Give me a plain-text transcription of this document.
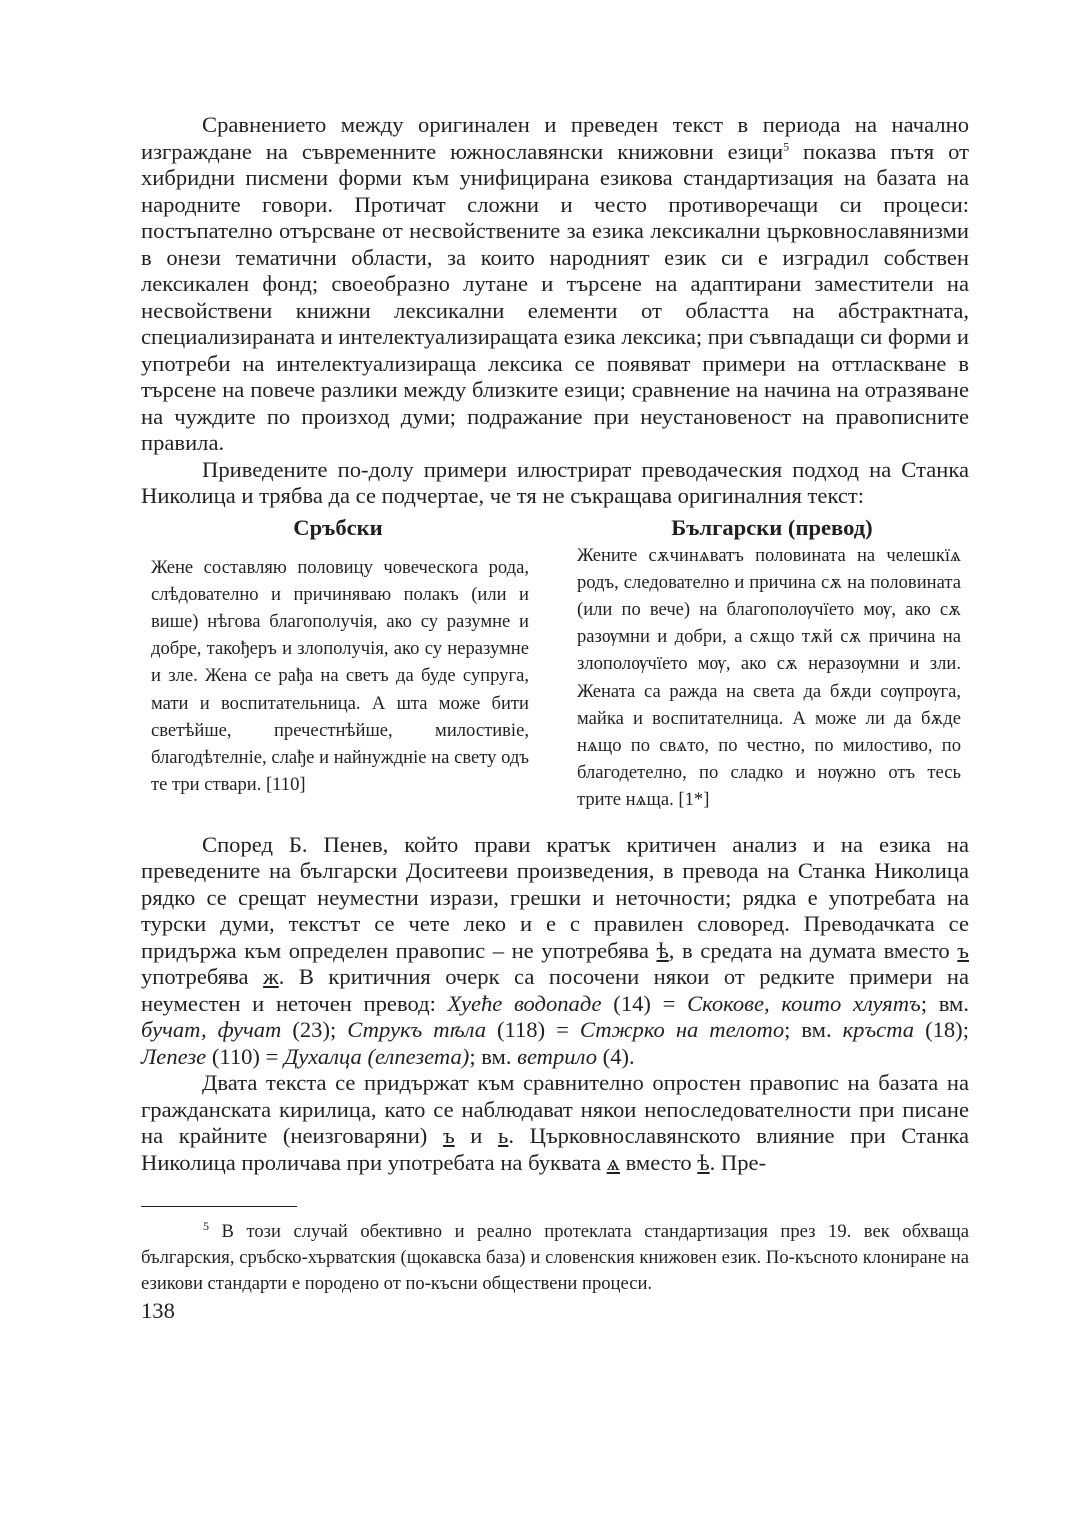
Сравнението между оригинален и преведен текст в периода на начално изграждане на съвременните южнославянски книжовни езици$^5$ показва пътя от хибридни писмени форми към унифицирана езикова стандартизация на базата на народните говори. Протичат сложни и често противоречащи си процеси: постъпателно отърсване от несвойствените за езика лексикални църковнославянизми в онези тематични области, за които народният език си е изградил собствен лексикален фонд; своеобразно лутане и търсене на адаптирани заместители на несвойствени книжни лексикални елементи от областта на абстрактната, специализираната и интелектуализиращата езика лексика; при съвпадащи си форми и употреби на интелектуализираща лексика се появяват примери на оттласкване в търсене на повече разлики между близките езици; сравнение на начина на отразяване на чуждите по произход думи; подражание при неустановеност на правописните правила.

Приведените по-долу примери илюстрират преводаческия подход на Станка Николица и трябва да се подчертае, че тя не съкращава оригиналния текст:

Сръбски

Жене составляю половицу човеческога рода, слѣдователно и причиняваю полакъ (или и више) нѣгова благополучія, ако су разумне и добре, такођеръ и злополучія, ако су неразумне и зле. Жена се рађа на светъ да буде супруга, мати и воспитательница. А шта може бити светѣйше, пречестнѣйше, милостивіе, благодѣтелніе, слађе и найнуждніе на свету одъ те три ствари. [110]

Български (превод)

Жените сѫчинѧватъ половината на челешкїѧ родъ, следователно и причина сѫ на половината (или по вече) на благополѹчїето мѹ, ако сѫ разѹмни и добри, а сѫщо тѫй сѫ причина на злополѹчїето мѹ, ако сѫ неразѹмни и зли. Жената са ражда на света да бѫди сѹпрѹга, майка и воспитателница. А може ли да бѫде нѧщо по свѧто, по честно, по милостиво, по благодетелно, по сладко и нѹжно отъ тесь трите нѧща. [1*]

Според Б. Пенев, който прави кратък критичен анализ и на езика на преведените на български Доситееви произведения, в превода на Станка Николица рядко се срещат неуместни изрази, грешки и неточности; рядка е употребата на турски думи, текстът се чете леко и е с правилен словоред. Преводачката се придържа към определен правопис – не употребява ѣ, в средата на думата вместо ъ употребява ж. В критичния очерк са посочени някои от редките примери на неуместен и неточен превод: Хуеће водопаде (14) = Скокове, които хлуятъ; вм. бучат, фучат (23); Струкъ тѣла (118) = Стжрко на телото; вм. кръста (18); Лепезе (110) = Духалца (елпезета); вм. ветрило (4).

Двата текста се придържат към сравнително опростен правопис на базата на гражданската кирилица, като се наблюдават някои непоследователности при писане на крайните (неизговаряни) ъ и ь. Църковнославянското влияние при Станка Николица проличава при употребата на буквата ѧ вместо ѣ. Пре-

$^5$ В този случай обективно и реално протеклата стандартизация през 19. век обхваща българския, сръбско-хърватския (щокавска база) и словенския книжовен език. По-късното клониране на езикови стандарти е породено от по-късни обществени процеси.

138
